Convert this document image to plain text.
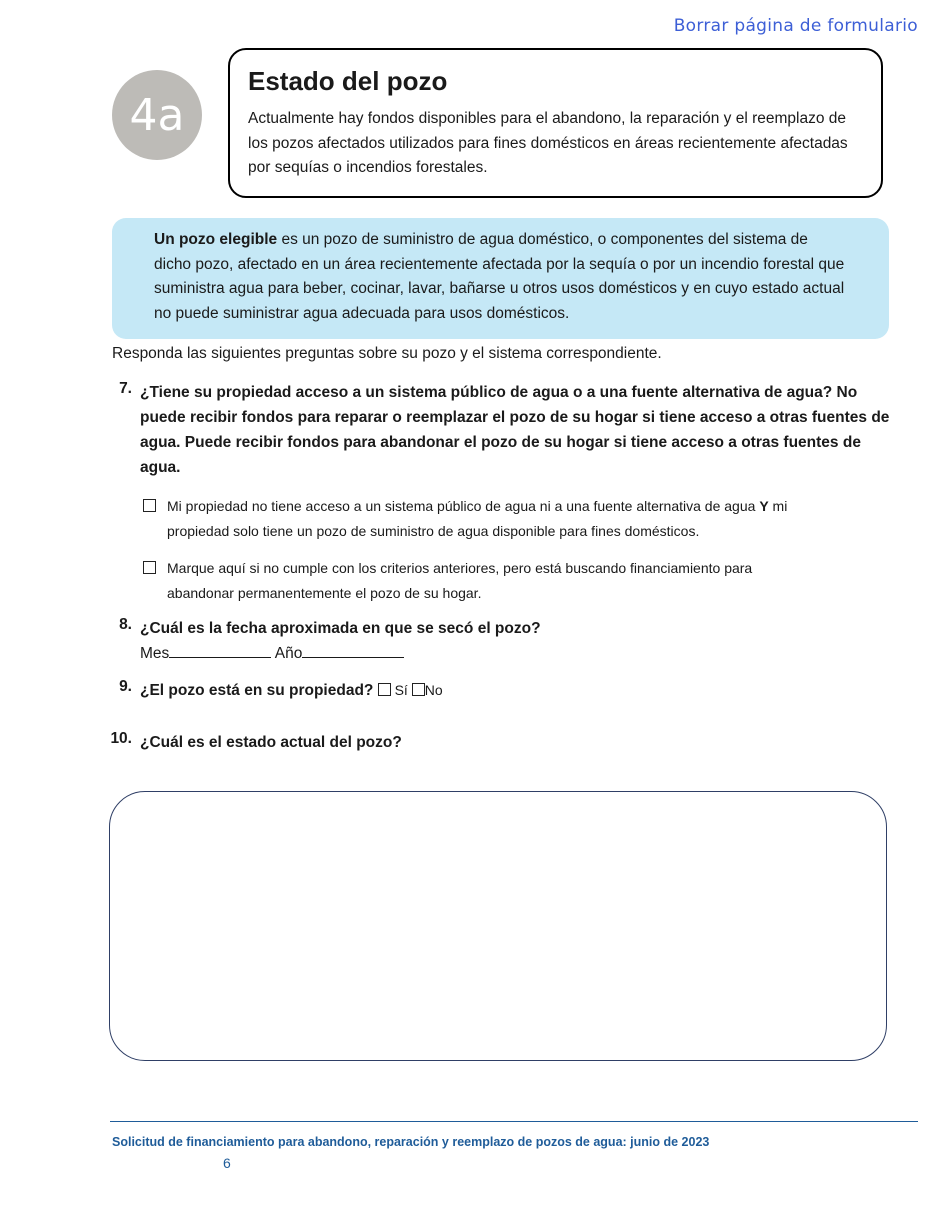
Borrar página de formulario
4a
Estado del pozo

Actualmente hay fondos disponibles para el abandono, la reparación y el reemplazo de los pozos afectados utilizados para fines domésticos en áreas recientemente afectadas por sequías o incendios forestales.

Un pozo elegible es un pozo de suministro de agua doméstico, o componentes del sistema de dicho pozo, afectado en un área recientemente afectada por la sequía o por un incendio forestal que suministra agua para beber, cocinar, lavar, bañarse u otros usos domésticos y en cuyo estado actual no puede suministrar agua adecuada para usos domésticos.
Responda las siguientes preguntas sobre su pozo y el sistema correspondiente.
7. ¿Tiene su propiedad acceso a un sistema público de agua o a una fuente alternativa de agua? No puede recibir fondos para reparar o reemplazar el pozo de su hogar si tiene acceso a otras fuentes de agua. Puede recibir fondos para abandonar el pozo de su hogar si tiene acceso a otras fuentes de agua.
Mi propiedad no tiene acceso a un sistema público de agua ni a una fuente alternativa de agua Y mi
propiedad solo tiene un pozo de suministro de agua disponible para fines domésticos.
Marque aquí si no cumple con los criterios anteriores, pero está buscando financiamiento para
abandonar permanentemente el pozo de su hogar.
8. ¿Cuál es la fecha aproximada en que se secó el pozo?
Mes	Año
9. ¿El pozo está en su propiedad? Sí No
10. ¿Cuál es el estado actual del pozo?
Solicitud de financiamiento para abandono, reparación y reemplazo de pozos de agua: junio de 2023
6
